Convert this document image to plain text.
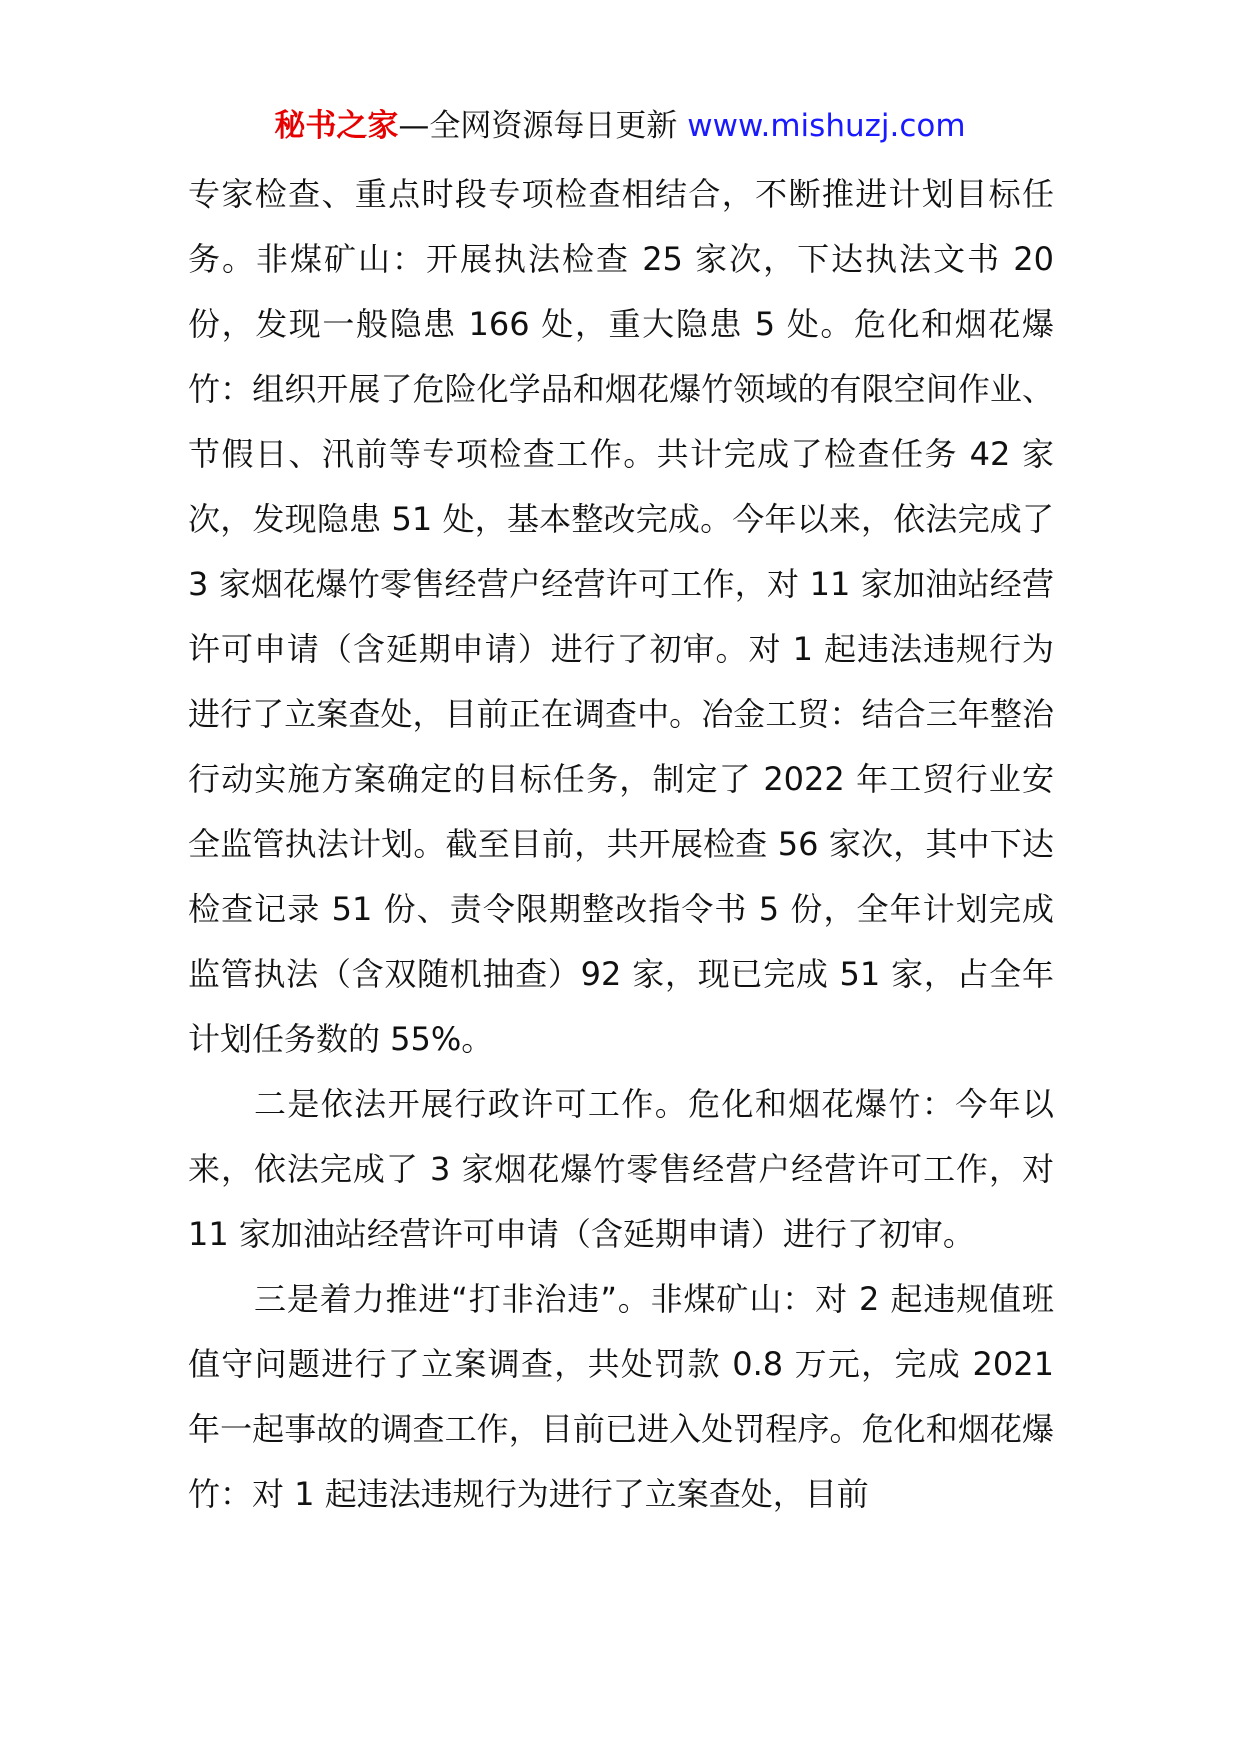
秘书之家—全网资源每日更新 www.mishuzj.com

专家检查、重点时段专项检查相结合，不断推进计划目标任务。非煤矿山：开展执法检查 25 家次，下达执法文书 20 份，发现一般隐患 166 处，重大隐患 5 处。危化和烟花爆竹：组织开展了危险化学品和烟花爆竹领域的有限空间作业、节假日、汛前等专项检查工作。共计完成了检查任务 42 家次，发现隐患 51 处，基本整改完成。今年以来，依法完成了 3 家烟花爆竹零售经营户经营许可工作，对 11 家加油站经营许可申请（含延期申请）进行了初审。对 1 起违法违规行为进行了立案查处，目前正在调查中。冶金工贸：结合三年整治行动实施方案确定的目标任务，制定了 2022 年工贸行业安全监管执法计划。截至目前，共开展检查 56 家次，其中下达检查记录 51 份、责令限期整改指令书 5 份，全年计划完成监管执法（含双随机抽查）92 家，现已完成 51 家，占全年计划任务数的 55%。

二是依法开展行政许可工作。危化和烟花爆竹：今年以来，依法完成了 3 家烟花爆竹零售经营户经营许可工作，对 11 家加油站经营许可申请（含延期申请）进行了初审。

三是着力推进“打非治违”。非煤矿山：对 2 起违规值班值守问题进行了立案调查，共处罚款 0.8 万元，完成 2021 年一起事故的调查工作，目前已进入处罚程序。危化和烟花爆竹：对 1 起违法违规行为进行了立案查处，目前
